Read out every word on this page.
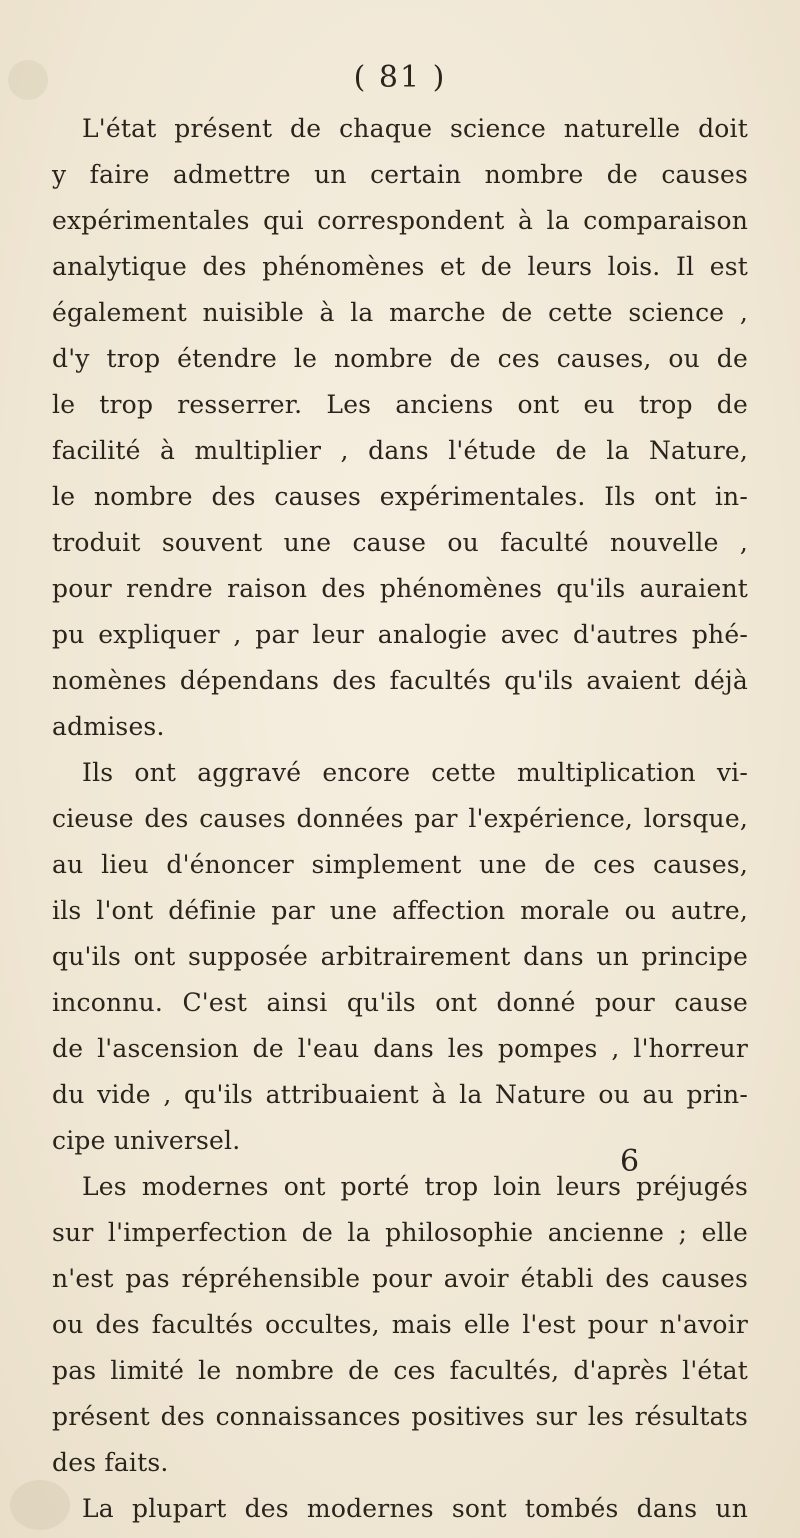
( 81 )
L'état présent de chaque science naturelle doit
y faire admettre un certain nombre de causes
expérimentales qui correspondent à la comparaison
analytique des phénomènes et de leurs lois. Il est
également nuisible à la marche de cette science ,
d'y trop étendre le nombre de ces causes, ou de
le trop resserrer. Les anciens ont eu trop de
facilité à multiplier , dans l'étude de la Nature,
le nombre des causes expérimentales. Ils ont in-
troduit souvent une cause ou faculté nouvelle ,
pour rendre raison des phénomènes qu'ils auraient
pu expliquer , par leur analogie avec d'autres phé-
nomènes dépendans des facultés qu'ils avaient déjà
admises.
Ils ont aggravé encore cette multiplication vi-
cieuse des causes données par l'expérience, lorsque,
au lieu d'énoncer simplement une de ces causes,
ils l'ont définie par une affection morale ou autre,
qu'ils ont supposée arbitrairement dans un principe
inconnu. C'est ainsi qu'ils ont donné pour cause
de l'ascension de l'eau dans les pompes , l'horreur
du vide , qu'ils attribuaient à la Nature ou au prin-
cipe universel.
Les modernes ont porté trop loin leurs préjugés
sur l'imperfection de la philosophie ancienne ; elle
n'est pas répréhensible pour avoir établi des causes
ou des facultés occultes, mais elle l'est pour n'avoir
pas limité le nombre de ces facultés, d'après l'état
présent des connaissances positives sur les résultats
des faits.
La plupart des modernes sont tombés dans un
6
